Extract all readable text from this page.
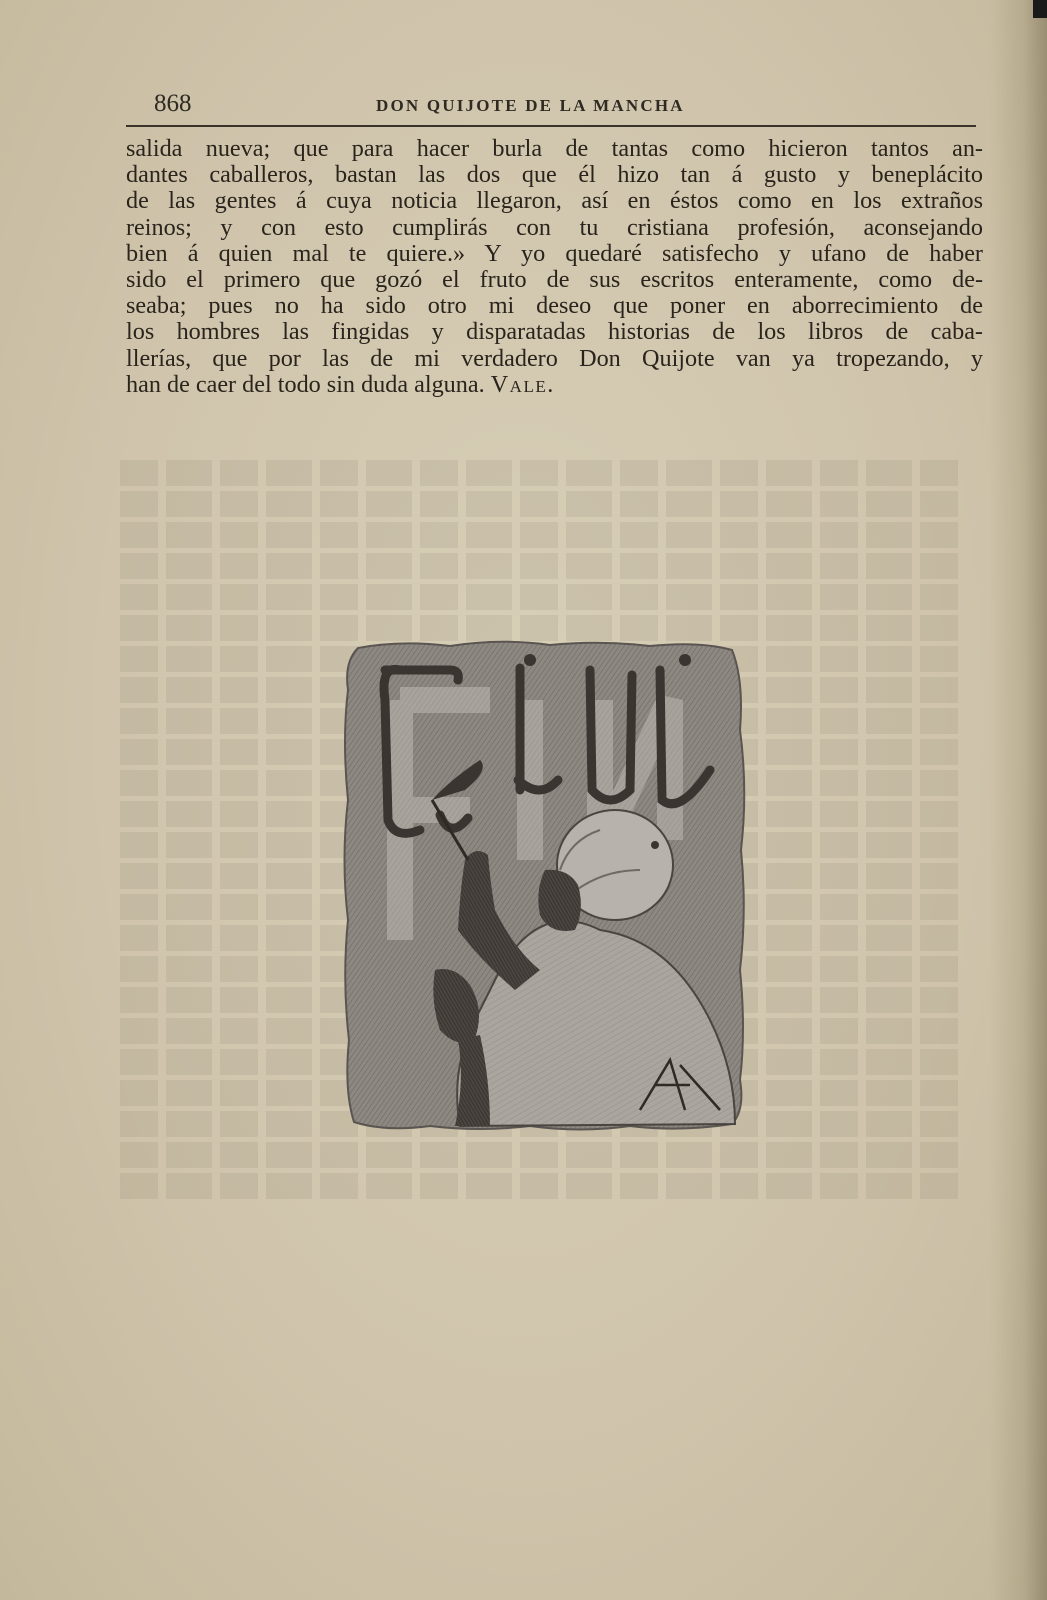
868	DON QUIJOTE DE LA MANCHA
salida nueva; que para hacer burla de tantas como hicieron tantos an-
dantes caballeros, bastan las dos que él hizo tan á gusto y beneplácito
de las gentes á cuya noticia llegaron, así en éstos como en los extraños
reinos; y con esto cumplirás con tu cristiana profesión, aconsejando
bien á quien mal te quiere.» Y yo quedaré satisfecho y ufano de haber
sido el primero que gozó el fruto de sus escritos enteramente, como de-
seaba; pues no ha sido otro mi deseo que poner en aborrecimiento de
los hombres las fingidas y disparatadas historias de los libros de caba-
llerías, que por las de mi verdadero Don Quijote van ya tropezando, y
han de caer del todo sin duda alguna. Vale.
